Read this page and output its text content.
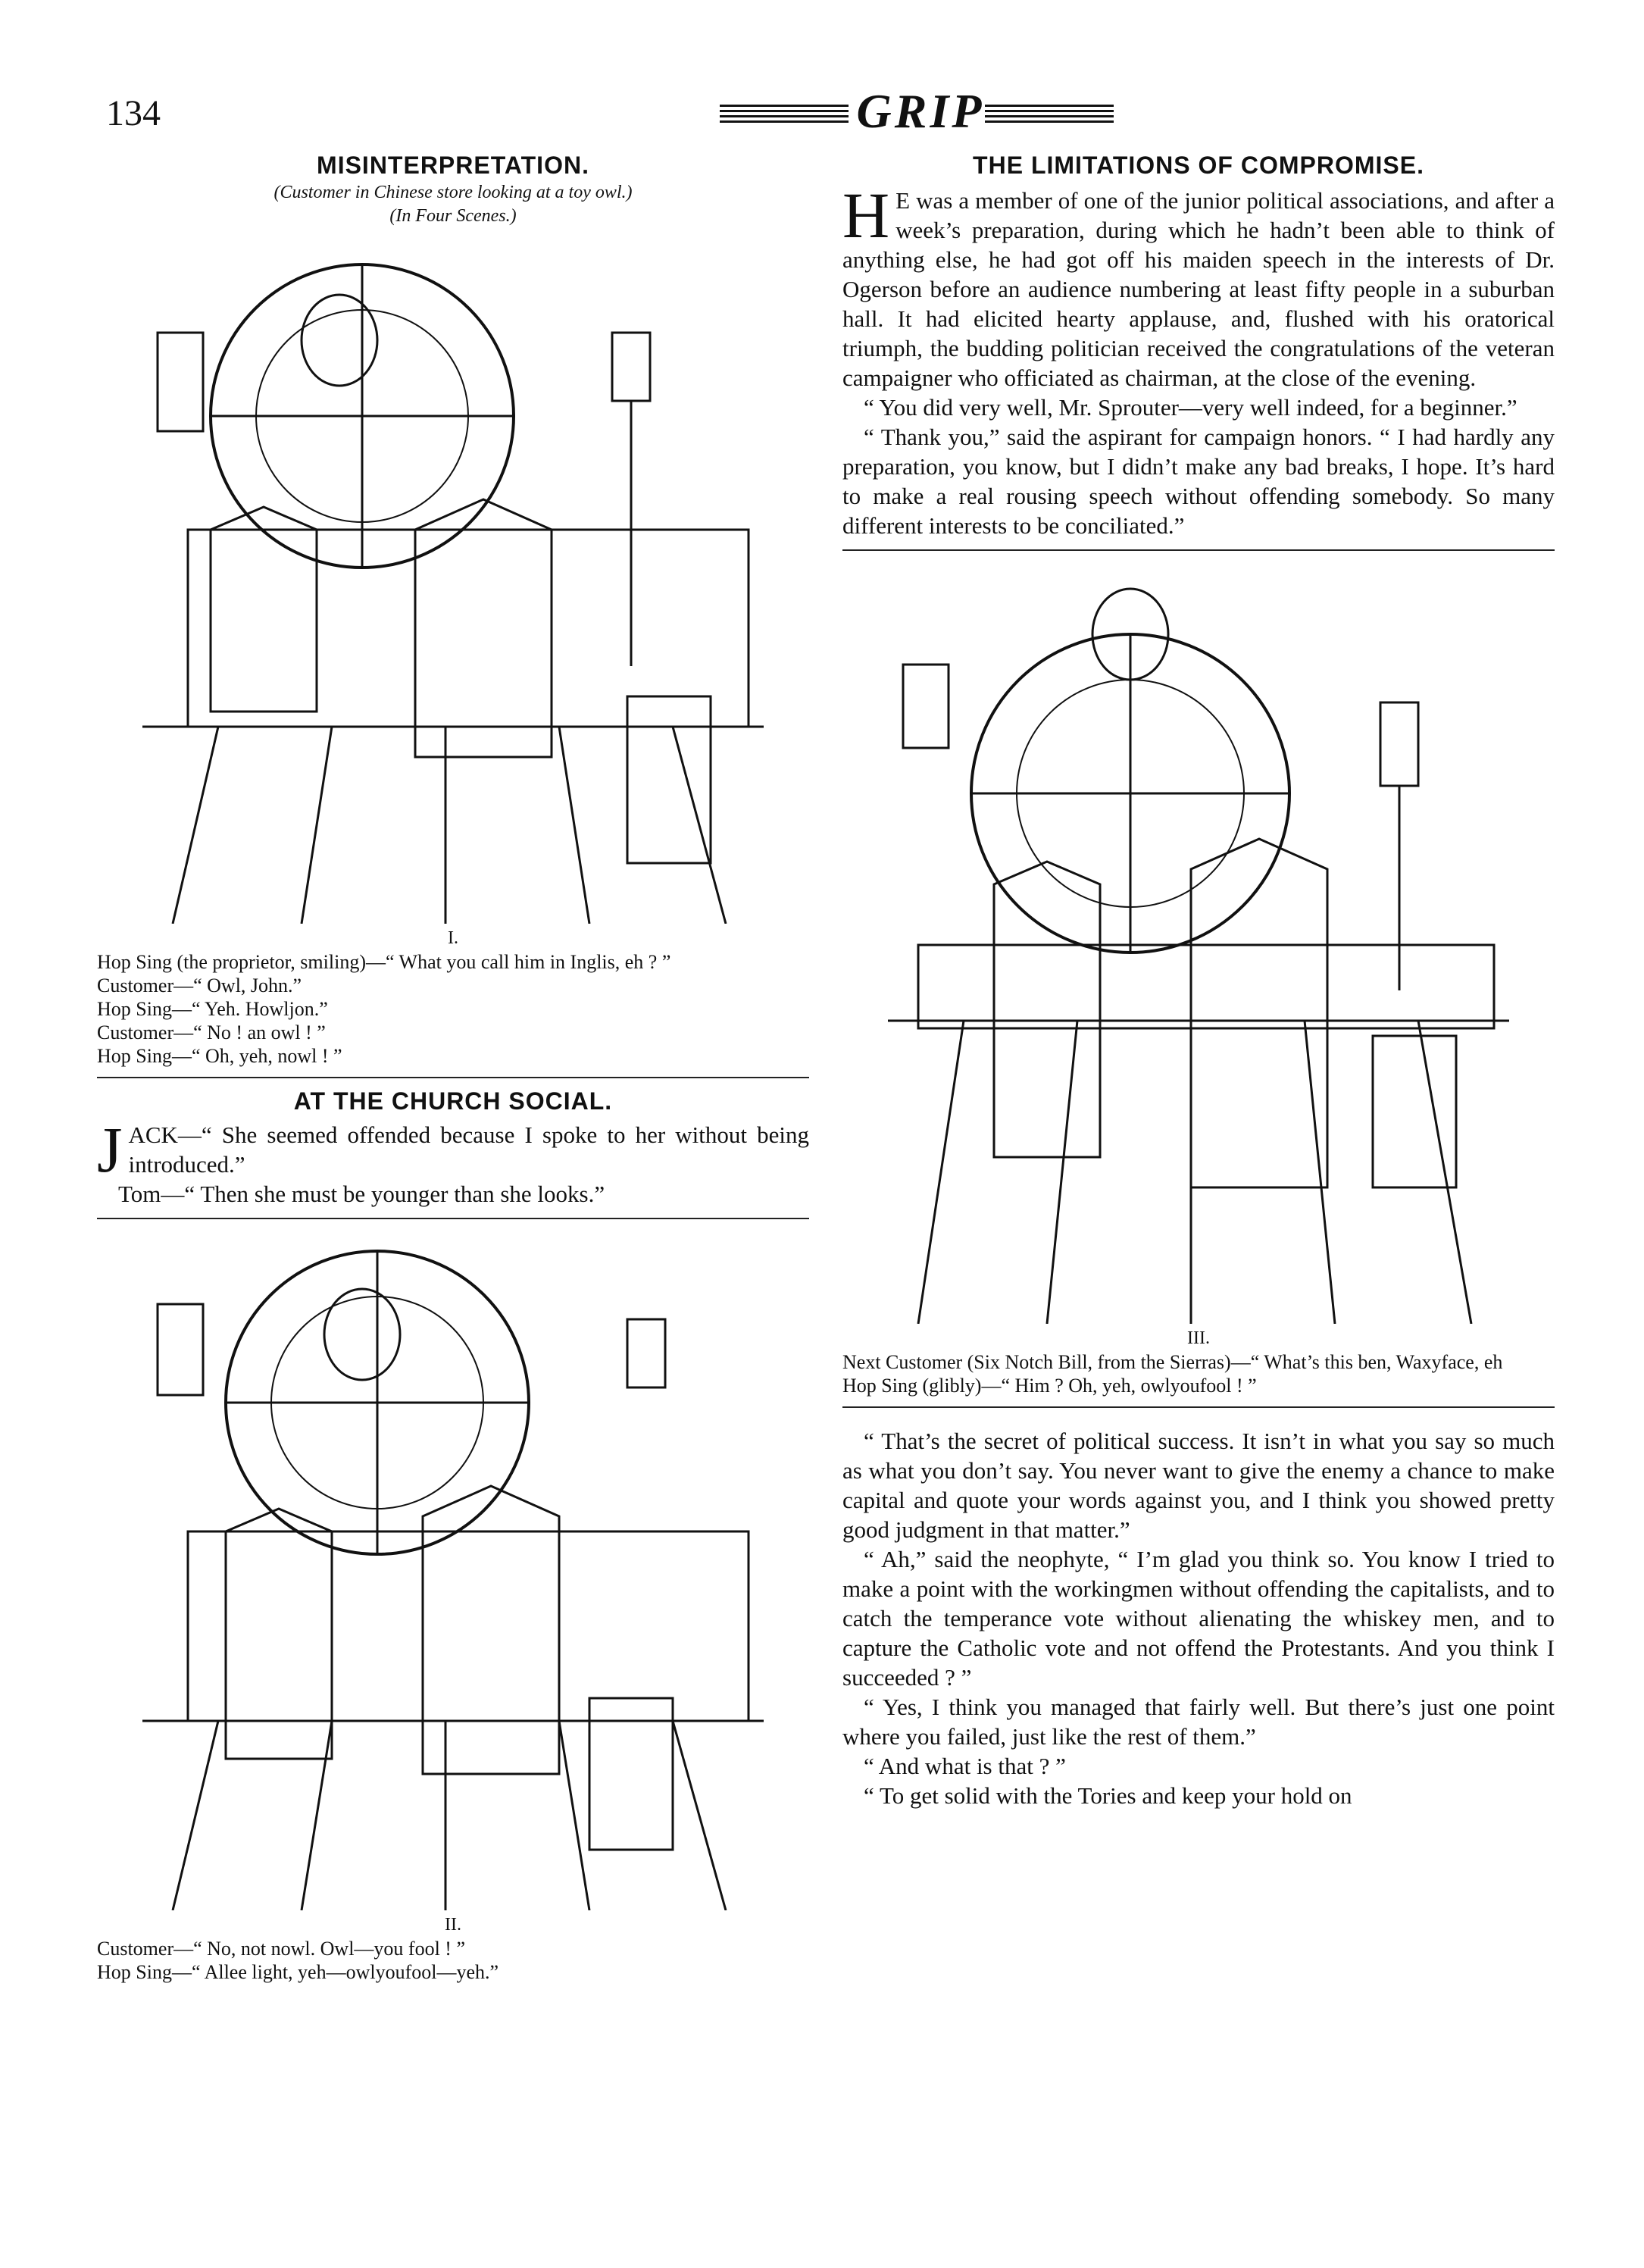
134	GRIP
MISINTERPRETATION.
(Customer in Chinese store looking at a toy owl.)
(In Four Scenes.)
I.

Hop Sing (the proprietor, smiling)—“ What you call him in Inglis, eh ? ”

Customer—“ Owl, John.”

Hop Sing—“ Yeh. Howljon.”

Customer—“ No ! an owl ! ”

Hop Sing—“ Oh, yeh, nowl ! ”

AT THE CHURCH SOCIAL.

JACK—“ She seemed offended because I spoke to her without being introduced.”

Tom—“ Then she must be younger than she looks.”

II.

Customer—“ No, not nowl. Owl—you fool ! ”

Hop Sing—“ Allee light, yeh—owlyoufool—yeh.”

THE LIMITATIONS OF COMPROMISE.

H E was a member of one of the junior political associations, and after a week’s preparation, during which he hadn’t been able to think of anything else, he had got off his maiden speech in the interests of Dr. Ogerson before an audience numbering at least fifty people in a suburban hall. It had elicited hearty applause, and, flushed with his oratorical triumph, the budding politician received the congratulations of the veteran campaigner who officiated as chairman, at the close of the evening.

“ You did very well, Mr. Sprouter—very well indeed, for a beginner.”

“ Thank you,” said the aspirant for campaign honors. “ I had hardly any preparation, you know, but I didn’t make any bad breaks, I hope. It’s hard to make a real rousing speech without offending somebody. So many different interests to be conciliated.”

III.

Next Customer (Six Notch Bill, from the Sierras)—“ What’s this ben, Waxyface, eh

Hop Sing (glibly)—“ Him ? Oh, yeh, owlyoufool ! ”

“ That’s the secret of political success. It isn’t in what you say so much as what you don’t say. You never want to give the enemy a chance to make capital and quote your words against you, and I think you showed pretty good judgment in that matter.”

“ Ah,” said the neophyte, “ I’m glad you think so. You know I tried to make a point with the workingmen without offending the capitalists, and to catch the temperance vote without alienating the whiskey men, and to capture the Catholic vote and not offend the Protestants. And you think I succeeded ? ”

“ Yes, I think you managed that fairly well. But there’s just one point where you failed, just like the rest of them.”

“ And what is that ? ”

“ To get solid with the Tories and keep your hold on
